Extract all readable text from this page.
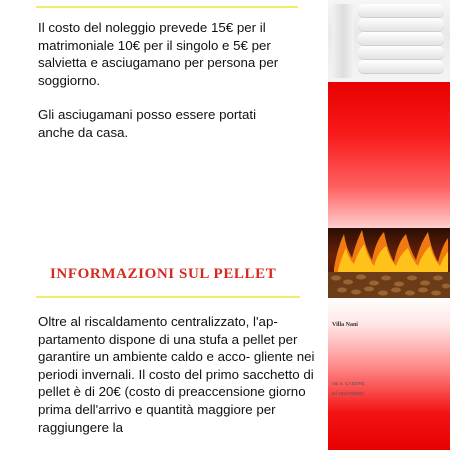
Il costo del noleggio prevede 15€ per il matrimoniale 10€ per il singolo e 5€ per salvietta e asciugamano per persona per soggiorno.

Gli asciugamani posso essere portati anche da casa.

INFORMAZIONI SUL PELLET

Oltre al riscaldamento centralizzato, l'ap- partamento dispone di una stufa a pellet per garantire un ambiente caldo e acco- gliente nei periodi invernali. Il costo del primo sacchetto di pellet è di 20€ (costo di preaccensione giorno prima dell'arrivo e quantità maggiore per raggiungere la

Villa Nani

Vai S. CADORE

tel 3334790983
